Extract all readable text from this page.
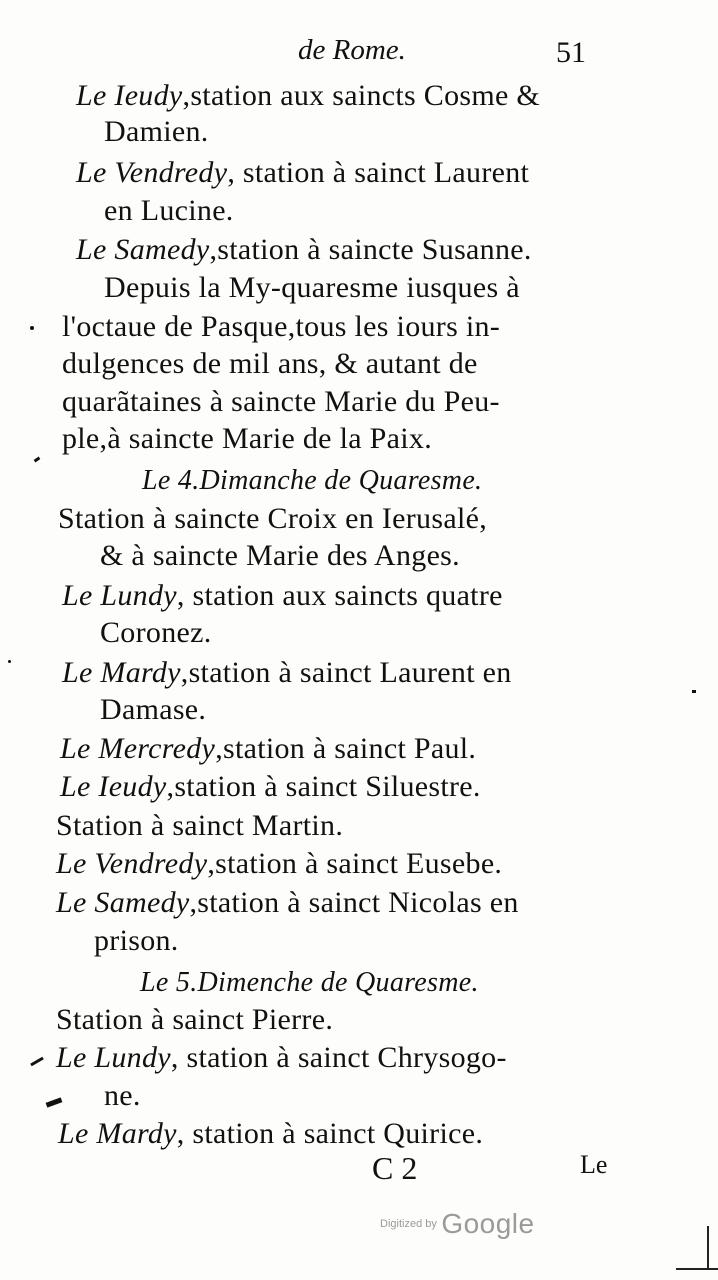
de Rome.	51
Le Ieudy,station aux saincts Cosme &
Damien.
Le Vendredy, station à sainct Laurent
en Lucine.
Le Samedy,station à saincte Susanne.
Depuis la My-quaresme iusques à
l'octaue de Pasque,tous les iours in-
dulgences de mil ans, & autant de
quarãtaines à saincte Marie du Peu-
ple,à saincte Marie de la Paix.
Le 4.Dimanche de Quaresme.
Station à saincte Croix en Ierusalé,
& à saincte Marie des Anges.
Le Lundy, station aux saincts quatre
Coronez.
Le Mardy,station à sainct Laurent en
Damase.
Le Mercredy,station à sainct Paul.
Le Ieudy,station à sainct Siluestre.
Station à sainct Martin.
Le Vendredy,station à sainct Eusebe.
Le Samedy,station à sainct Nicolas en
prison.
Le 5.Dimenche de Quaresme.
Station à sainct Pierre.
Le Lundy, station à sainct Chrysogo-
ne.
Le Mardy, station à sainct Quirice.
C 2	Le
Digitized by Google
